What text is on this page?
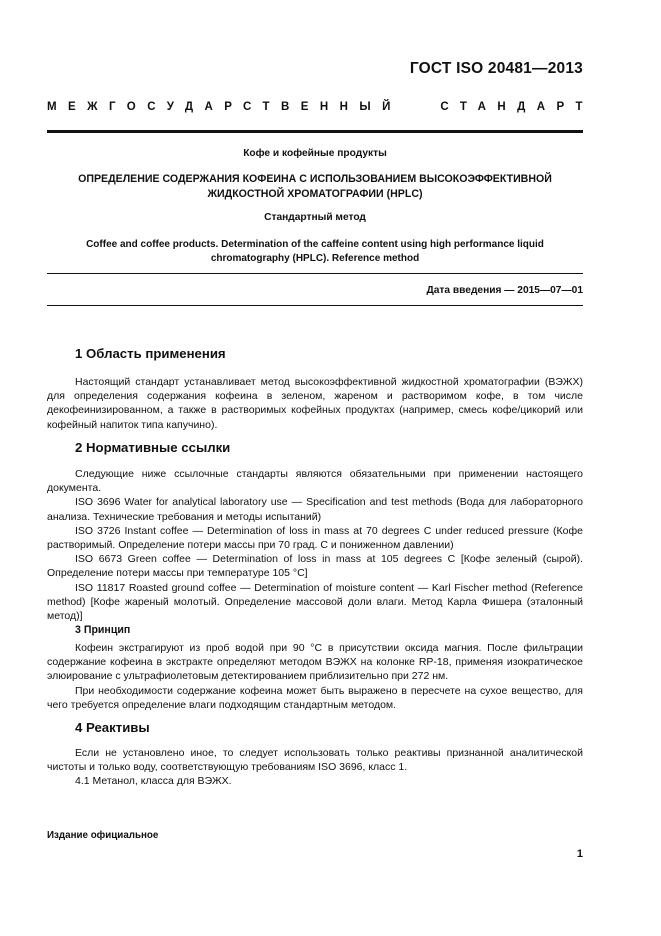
ГОСТ ISO 20481—2013
МЕЖГОСУДАРСТВЕННЫЙ	СТАНДАРТ
Кофе и кофейные продукты
ОПРЕДЕЛЕНИЕ СОДЕРЖАНИЯ КОФЕИНА С ИСПОЛЬЗОВАНИЕМ ВЫСОКОЭФФЕКТИВНОЙ
ЖИДКОСТНОЙ ХРОМАТОГРАФИИ (HPLC)
Стандартный метод
Coffee and coffee products. Determination of the caffeine content using high performance liquid
chromatography (HPLC). Reference method
Дата введения — 2015—07—01
1 Область применения

Настоящий стандарт устанавливает метод высокоэффективной жидкостной хроматографии (ВЭЖХ) для определения содержания кофеина в зеленом, жареном и растворимом кофе, в том числе декофеинизированном, а также в растворимых кофейных продуктах (например, смесь кофе/цикорий или кофейный напиток типа капучино).

2 Нормативные ссылки

Следующие ниже ссылочные стандарты являются обязательными при применении настоящего документа.

ISO 3696 Water for analytical laboratory use — Specification and test methods (Вода для лабораторного анализа. Технические требования и методы испытаний)

ISO 3726 Instant coffee — Determination of loss in mass at 70 degrees C under reduced pressure (Кофе растворимый. Определение потери массы при 70 град. С и пониженном давлении)

ISO 6673 Green coffee — Determination of loss in mass at 105 degrees C [Кофе зеленый (сырой). Определение потери массы при температуре 105 °C]

ISO 11817 Roasted ground coffee — Determination of moisture content — Karl Fischer method (Reference method) [Кофе жареный молотый. Определение массовой доли влаги. Метод Карла Фишера (эталонный метод)]

3 Принцип

Кофеин экстрагируют из проб водой при 90 °C в присутствии оксида магния. После фильтрации содержание кофеина в экстракте определяют методом ВЭЖХ на колонке RP-18, применяя изократическое элюирование с ультрафиолетовым детектированием приблизительно при 272 нм.

При необходимости содержание кофеина может быть выражено в пересчете на сухое вещество, для чего требуется определение влаги подходящим стандартным методом.

4 Реактивы

Если не установлено иное, то следует использовать только реактивы признанной аналитической чистоты и только воду, соответствующую требованиям ISO 3696, класс 1.

4.1 Метанол, класса для ВЭЖХ.

Издание официальное
1
